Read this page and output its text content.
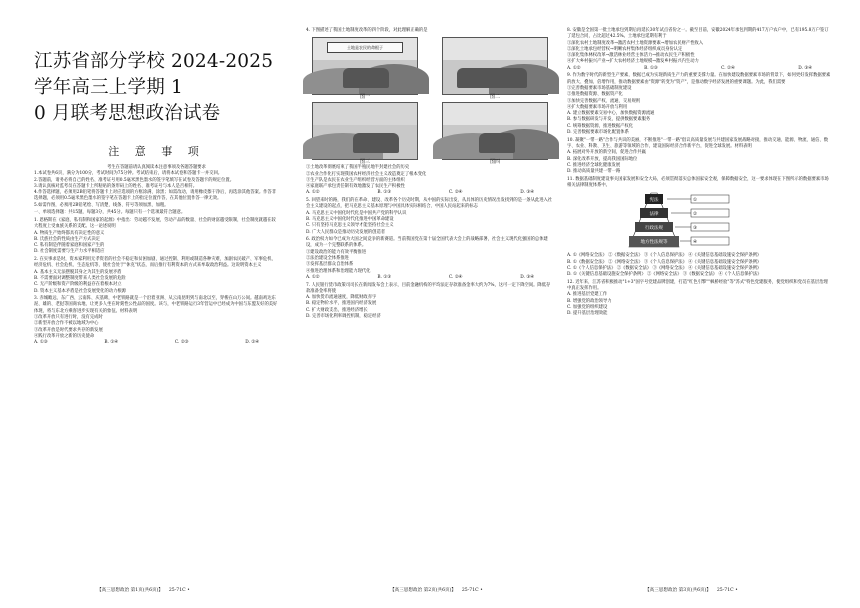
江苏省部分学校 2024-2025 学年高三上学期 1
0 月联考思想政治试卷
注 意 事 项

考生在答题前请认真阅读本注意事项及各题答题要求

1.本试卷共6页，满分为100分，考试时间为75分钟。考试结束后，请将本试卷和答题卡一并交回。

2.答题前，请务必将自己的姓名、准考证号用0.5毫米黑色墨水的签字笔填写在试卷及答题卡的规定位置。

3.请认真核对监考员在答题卡上所粘贴的条形码上的姓名、准考证号与本人是否相符。

4.作答选择题，必须用2B铅笔将答题卡上对应选项的方框涂满、涂黑；如需改动，请用橡皮擦干净后，再选涂其他答案。作答非选择题，必须用0.5毫米黑色墨水的签字笔在答题卡上的指定位置作答，在其他位置作答一律无效。

5.如需作图，必须用2B铅笔绘、写清楚，线条、符号等须加黑、加粗。

一、单项选择题：共15题，每题3分，共45分。每题只有一个选项最符合题意。

1. 恩格斯在《家庭、私有制和国家的起源》中指出：劳动越不发展，劳动产品的数量、社会的财富越受限制，社会制度就越在较大程度上受血族关系的支配。这一论述说明

A. 物质生产始终都具有决定性的意义

B. 氏族社会的性质由生产方式决定

C. 私有制是伴随着家庭和国家产生的

D. 社会制度需要与生产力水平相适应

2. 在实事求是时，资本家利用无孝资者的社会不稳定和贫困加剧，通过控制、利用或制造各种灾难，加剧农民破产、军事危机、经济危机、社会危机、生态危机等，使社会处于"休克"状态，而后推行有利资本的方式来牟取政治利益。这说明资本主义

A. 基本主义无法摆脱其身之为其生的发展矛盾

B. 不需要面对调整制度带来人类社会发展的危险

C. 无产阶级和资产阶级的利益存在着根本对立

D. 资本主义基本矛盾是社会发展变化的动力根源

3. 赤城瞻远、东广西、云南阵、庆基碑，中老铁路就是一个沿着亚洲、从云南昆明到与南北以至，穿梭在山万公间。越南鸡达东泥、雄的、老挝等国商农地，让更多人坐在时刻性公性品的国度。该与，中老铁路运行3年营运中已经成为中国与东盟友好的美好体现，将与东北方乘客进步实现有关的象征。材料表明

①改革开放只有进行时，没有完成时

②新型开放合作不被以地域为中心

③改革开放是时代要求共存的新发展

④践行改革开放之新的历史使命

A. ①③	B. ①④	C. ②③	D. ②④
【高三思想政治 第1页(共6页)】 25-71C •

4. 下图描述了我国土地制度改革的四个阶段，对此理解正确的是

土地是农民的命根子
图一	图二
图三	图四

①土地改革彻底结束了我国半殖民地半封建社会的历史

②农业合作化打实现我国农村经济社会主义改造奠定了根本变化

③生产队是农民在农业生产组织经营方面的主体组织

④家庭联产承包责任制有效地激发了农民生产积极性

A. ①②	B. ①③	C. ②④	D. ③④

5. 回望来时的路，我们的在革命、建设、改革各个历史时期，从中国的实际出发，从具体的历史情况出发找到的是一条从此进入社会主义建设的起点，把马克思主义基本原理与中国具体实际相结合、中国人民站起来的标志

A. 马克思主义中国化时代化是中国共产党的科学认识

B. 马克思主义中国化时代化推进中国革命建设

C. 只有坚持马克思主义领导才能坚持社会主义

D. 广大人民群众是推动历史发展的创造者

6. 政治权力如今已成为大国之间竞争的新赛道。当前我国党在第十届全国代表大会上的战略部署，社会主义现代化强国的总体建设，成为一个完整联系的体系。

①建设政治的能力有效平衡推进

②法治建设全体系推进

③发挥基层群众自治体系

④推进治理体系和治理能力现代化

A. ①②	B. ①③	C. ②④	D. ③④

7. 人民银行货币政策司司长在新闻发布会上表示，目前金融机构的平均法定存款准备金率大约为7%，这可一定下降空间。降低存款准备金率将使

A. 加快货币流通速度，降低财政赤字

B. 稳定物价水平，推进国内经济发展

C. 扩大财政支出，推进经济增长

D. 完善市场化利率调控机制，稳定经济

【高三思想政治 第2页(共6页)】 25-71C •

8. 安徽是全国第一批土地承包到期后再延长30年试点省份之一。截至目前，安徽2024年承包到期的417万户农户中，已有195.8万户签订了延包合同，占比超过42.5%。土地承包延期有利于

①深化农村土地制度改革→激活农村土地资源要素→增加农民财产性收入

②深化土地承包经营权→明晰农村集体经济组织成员身份认定

③深化集体林权改革→激活林业经营主体活力→推动农民生产积极性

④扩大乡村振兴产业→扩大农村经济土地规模→激发乡村振兴内生动力

A. ①②	B. ①③	C. ②④	D. ③④

9. 作为数字时代的新型生产要素，数据已成为实现新质生产力的重要支撑力量。在加快建设数据要素市场的背景下，如何更好发挥数据要素的放大、叠加、倍增作用，推动数据要素由"资源"转变为"资产"，是推动数字经济发展的重要课题。为此，我们需要

①完善数据要素市场基础制度建设

②推进数据资源、数据资产化

③加快完善数据产权、流通、交易规则

④扩大数据要素市场开放与利用

A. 建立数据要素交易中心，加快数据资源流通

B. 参与数据研发与开发，提供数据要素服务

C. 统筹数据资源，推进数据产权化

D. 完善数据要素市场化配置体系

10. 凝聚"一带一路"合作与共识的美丽，不断推进"一带一路"倡议高质量发展与共建国家发展战略对接，推动交通、能源、物流、通信、数字、农业、科教、卫生、旅游等领域的合作，建设国际经济合作新平台，促进全球发展。材料表明

A. 拓展对外开放的新空间，促进合作共赢

B. 深化改革开放，提高我国国际地位

C. 推进经济全球化健康发展

D. 推动高质量共建一带一路

11. 数据基础制度建设事关国家发展和安全大局，必须贯彻落实总体国家安全观，保障数据安全，这一要求体现在下图所示的数据要素市场相关法律制度体系中。

宪法
法律
行政法规
地方性法规等
①
②
③
④

A. ①《网络安全法》 ②《数据安全法》 ③《个人信息保护法》 ④《关键信息基础设施安全保护条例》

B. ①《数据安全法》 ②《网络安全法》 ③《个人信息保护法》 ④《关键信息基础设施安全保护条例》

C. ①《个人信息保护法》 ②《数据安全法》 ③《网络安全法》 ④《关键信息基础设施安全保护条例》

D. ①《关键信息基础设施安全保护条例》 ②《网络安全法》 ③《数据安全法》 ④《个人信息保护法》

12. 近年来，江苏省积极推动"1+3"国字号党建品牌创建，打造"红色引擎""枫桥经验"等"苏式"特色党建服务，使党组织和党员在基层治理中真正发挥作用。

A. 推进基层党建工作

B. 增强党的政治领导力

C. 加强党的组织建设

D. 提升基层治理效能

【高三思想政治 第3页(共6页)】 25-71C •
